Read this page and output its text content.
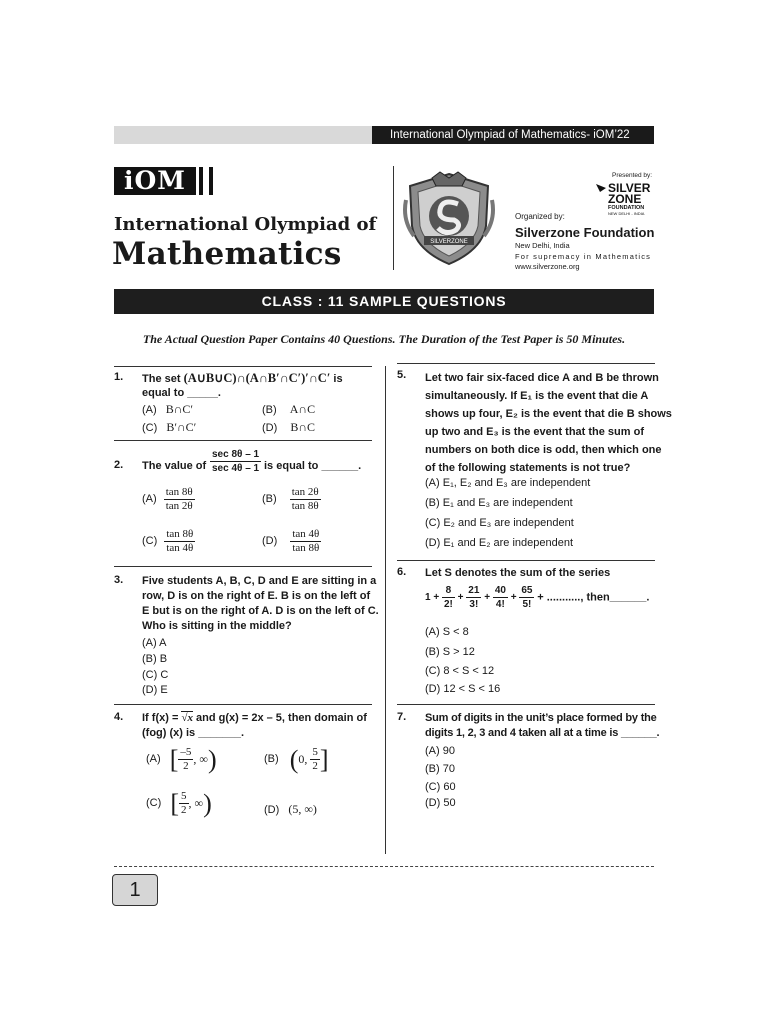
International Olympiad of Mathematics- iOM’22
iOM
International Olympiad of
Mathematics	SILVERZONE
Presented by:
SILVER
ZONE
FOUNDATION
NEW DELHI - INDIA
Organized by:
Silverzone Foundation
New Delhi, India
For supremacy in Mathematics
www.silverzone.org
CLASS : 11 SAMPLE QUESTIONS
The Actual Question Paper Contains 40 Questions. The Duration of the Test Paper is 50 Minutes.
1. The set (A∪B∪C)∩(A∩B′∩C′)′∩C′ is
equal to _____.
(A) B∩C′	(B) A∩C
(C) B′∩C′	(D) B∩C
2. The value of $\frac{\sec 8\theta - 1}{\sec 4\theta - 1}$ is equal to ______.
$(A) \frac{\tan 8\theta}{\tan 2\theta}$	$(B) \frac{\tan 2\theta}{\tan 8\theta}$
$(C) \frac{\tan 8\theta}{\tan 4\theta}$	$(D) \frac{\tan 4\theta}{\tan 8\theta}$
3. Five students A, B, C, D and E are sitting in a
row, D is on the right of E. B is on the left of
E but is on the right of A. D is on the left of C.
Who is sitting in the middle?
(A) A
(B) B
(C) C
(D) E
4. If f(x) = √x and g(x) = 2x – 5, then domain of
(fog) (x) is _______.
(A) [ $\frac{-5}{2}$ , ∞)	(B) (0, $\frac{5}{2}$ ]
(C) [ $\frac{5}{2}$ , ∞)	(D) (5, ∞)
5. Let two fair six-faced dice A and B be thrown
simultaneously. If E₁ is the event that die A
shows up four, E₂ is the event that die B shows
up two and E₃ is the event that the sum of
numbers on both dice is odd, then which one
of the following statements is not true?
(A) E₁, E₂ and E₃ are independent
(B) E₁ and E₃ are independent
(C) E₂ and E₃ are independent
(D) E₁ and E₂ are independent
6. Let S denotes the sum of the series
$1 + \frac{8}{2!} + \frac{21}{3!} + \frac{40}{4!} + \frac{65}{5!}$ + ..........., then______.
(A) S < 8
(B) S > 12
(C) 8 < S < 12
(D) 12 < S < 16
7. Sum of digits in the unit’s place formed by the
digits 1, 2, 3 and 4 taken all at a time is ______.
(A) 90
(B) 70
(C) 60
(D) 50
1
